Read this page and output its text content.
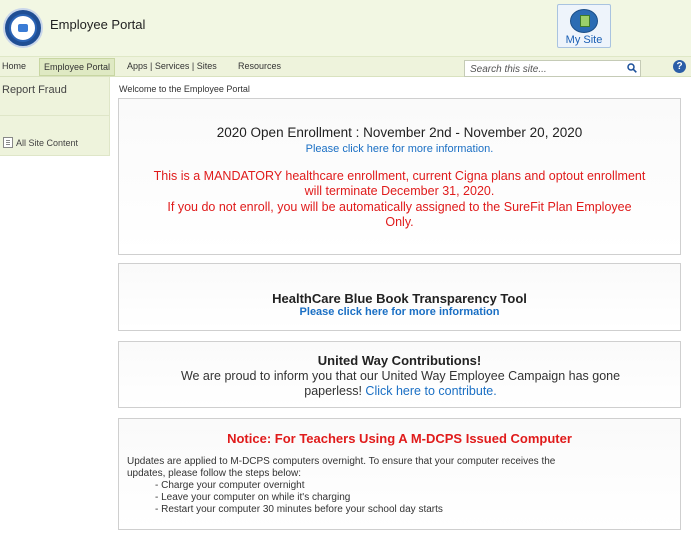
Employee Portal
My Site
Home	Employee Portal	Apps | Services | Sites Resources	Search this site...	?
Report Fraud
All Site Content
Welcome to the Employee Portal
2020 Open Enrollment : November 2nd - November 20, 2020
Please click here for more information.
This is a MANDATORY healthcare enrollment, current Cigna plans and optout enrollment
will terminate December 31, 2020.
If you do not enroll, you will be automatically assigned to the SureFit Plan Employee
Only.
HealthCare Blue Book Transparency Tool
Please click here for more information
United Way Contributions!
We are proud to inform you that our United Way Employee Campaign has gone
paperless! Click here to contribute.
Notice: For Teachers Using A M-DCPS Issued Computer
Updates are applied to M-DCPS computers overnight. To ensure that your computer receives the
updates, please follow the steps below:
- Charge your computer overnight
- Leave your computer on while it's charging
- Restart your computer 30 minutes before your school day starts
